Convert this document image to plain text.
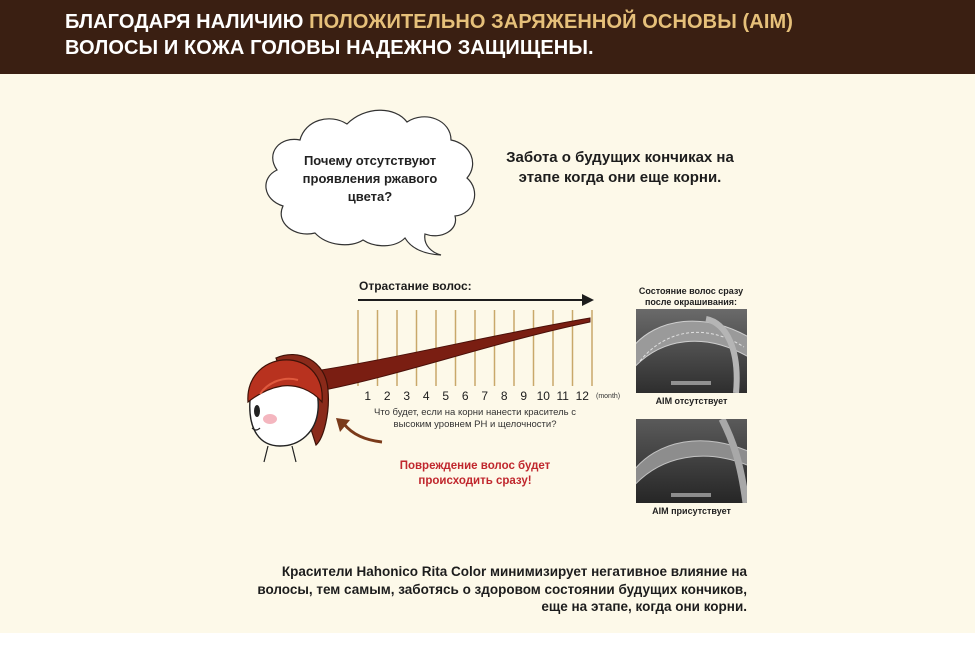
БЛАГОДАРЯ НАЛИЧИЮ ПОЛОЖИТЕЛЬНО ЗАРЯЖЕННОЙ ОСНОВЫ (AIM)
ВОЛОСЫ И КОЖА ГОЛОВЫ НАДЕЖНО ЗАЩИЩЕНЫ.
Почему отсутствуют проявления ржавого цвета?
Забота о будущих кончиках на этапе когда они еще корни.
Отрастание волос:
1 2 3 4 5 6 7 8 9 10 11 12 (month)
Что будет, если на корни нанести краситель с высоким уровнем PH и щелочности?
Повреждение волос будет происходить сразу!
Состояние волос сразу после окрашивания:
AIM отсутствует
AIM присутствует
Красители Hahonico Rita Color минимизирует негативное влияние на волосы, тем самым, заботясь о здоровом состоянии будущих кончиков, еще на этапе, когда они корни.
